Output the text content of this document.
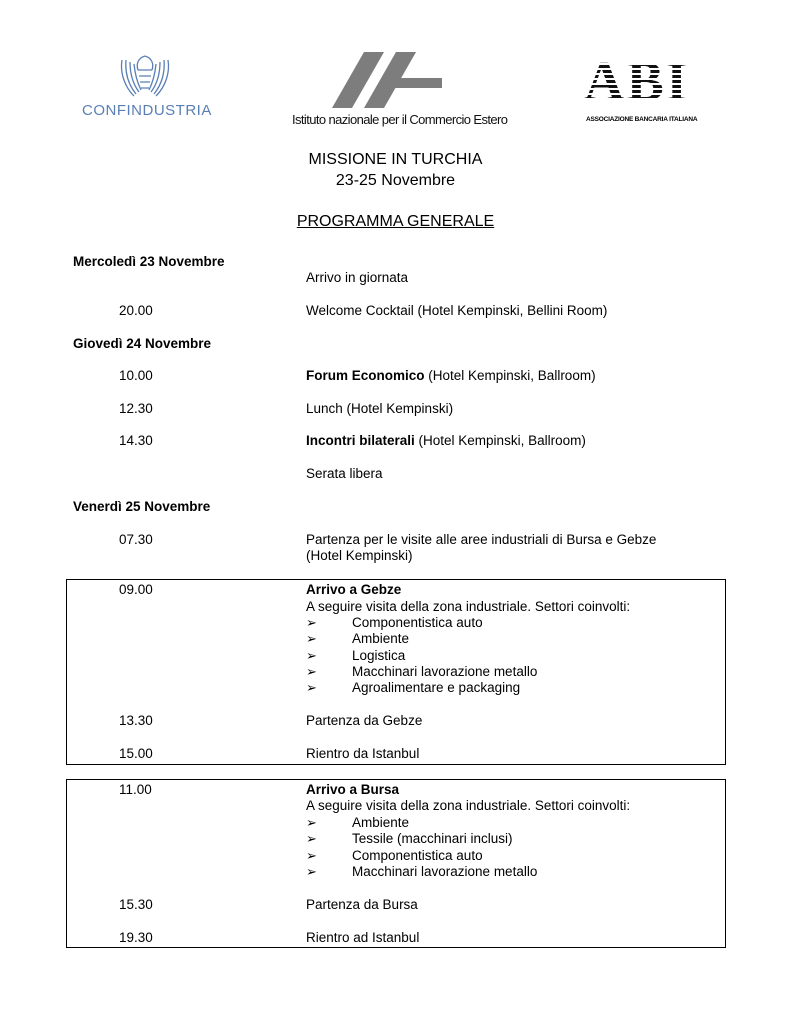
CONFINDUSTRIA
Istituto nazionale per il Commercio Estero
ABI
ASSOCIAZIONE BANCARIA ITALIANA
MISSIONE IN TURCHIA
23-25 Novembre
PROGRAMMA GENERALE
Mercoledì 23 Novembre
Arrivo in giornata
20.00	Welcome Cocktail (Hotel Kempinski, Bellini Room)
Giovedì 24 Novembre
10.00	Forum Economico (Hotel Kempinski, Ballroom)
12.30	Lunch (Hotel Kempinski)
14.30	Incontri bilaterali (Hotel Kempinski, Ballroom)
Serata libera
Venerdì 25 Novembre
07.30	Partenza per le visite alle aree industriali di Bursa e Gebze
(Hotel Kempinski)
09.00	Arrivo a Gebze
A seguire visita della zona industriale. Settori coinvolti:
➢	Componentistica auto
➢	Ambiente
➢	Logistica
➢	Macchinari lavorazione metallo
➢	Agroalimentare e packaging
13.30	Partenza da Gebze
15.00	Rientro da Istanbul
11.00	Arrivo a Bursa
A seguire visita della zona industriale. Settori coinvolti:
➢	Ambiente
➢	Tessile (macchinari inclusi)
➢	Componentistica auto
➢	Macchinari lavorazione metallo
15.30	Partenza da Bursa
19.30	Rientro ad Istanbul
